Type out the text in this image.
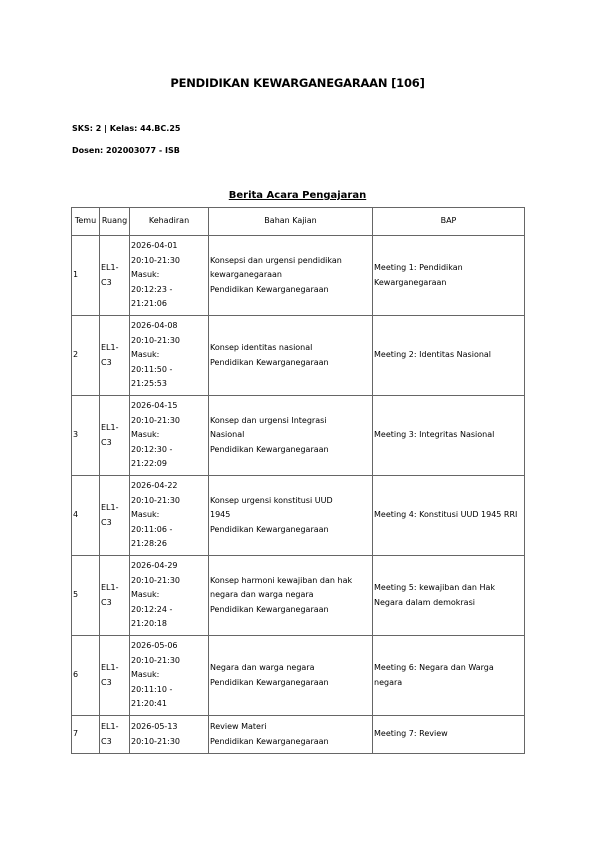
PENDIDIKAN KEWARGANEGARAAN [106]
SKS: 2 | Kelas: 44.BC.25
Dosen: 202003077 - ISB
Berita Acara Pengajaran
Temu	Ruang	Kehadiran	Bahan Kajian	BAP
1	EL1-C3	2026-04-01
20:10-21:30
Masuk:
20:12:23 -
21:21:06	Konsepsi dan urgensi pendidikan
kewarganegaraan
Pendidikan Kewarganegaraan	Meeting 1: Pendidikan Kewarganegaraan
2	EL1-C3	2026-04-08
20:10-21:30
Masuk:
20:11:50 -
21:25:53	Konsep identitas nasional
Pendidikan Kewarganegaraan	Meeting 2: Identitas Nasional
3	EL1-C3	2026-04-15
20:10-21:30
Masuk:
20:12:30 -
21:22:09	Konsep dan urgensi Integrasi
Nasional
Pendidikan Kewarganegaraan	Meeting 3: Integritas Nasional
4	EL1-C3	2026-04-22
20:10-21:30
Masuk:
20:11:06 -
21:28:26	Konsep urgensi konstitusi UUD
1945
Pendidikan Kewarganegaraan	Meeting 4: Konstitusi UUD 1945 RRI
5	EL1-C3	2026-04-29
20:10-21:30
Masuk:
20:12:24 -
21:20:18	Konsep harmoni kewajiban dan hak
negara dan warga negara
Pendidikan Kewarganegaraan	Meeting 5: kewajiban dan Hak Negara dalam demokrasi
6	EL1-C3	2026-05-06
20:10-21:30
Masuk:
20:11:10 -
21:20:41	Negara dan warga negara
Pendidikan Kewarganegaraan	Meeting 6: Negara dan Warga negara
7	EL1-C3	2026-05-13
20:10-21:30	Review Materi
Pendidikan Kewarganegaraan	Meeting 7: Review
